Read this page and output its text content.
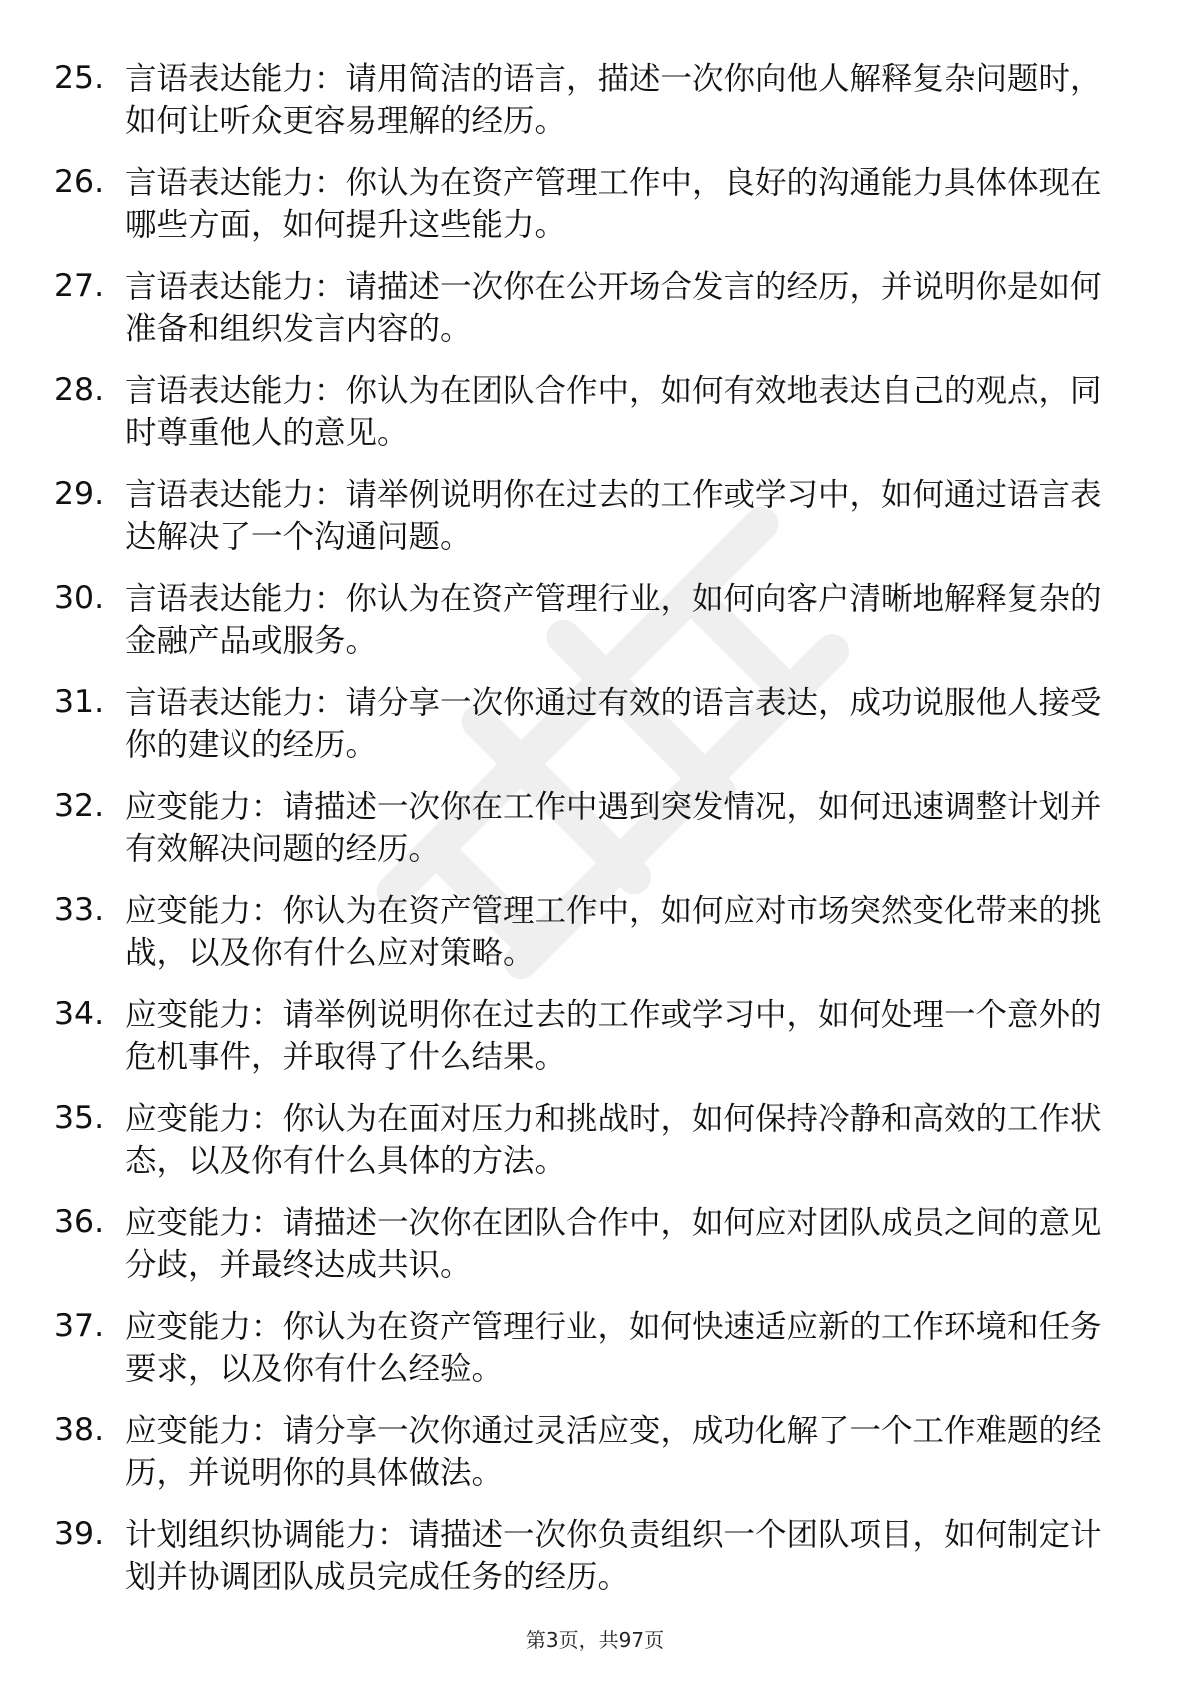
25. 言语表达能力：请用简洁的语言，描述一次你向他人解释复杂问题时，如何让听众更容易理解的经历。
26. 言语表达能力：你认为在资产管理工作中，良好的沟通能力具体体现在哪些方面，如何提升这些能力。
27. 言语表达能力：请描述一次你在公开场合发言的经历，并说明你是如何准备和组织发言内容的。
28. 言语表达能力：你认为在团队合作中，如何有效地表达自己的观点，同时尊重他人的意见。
29. 言语表达能力：请举例说明你在过去的工作或学习中，如何通过语言表达解决了一个沟通问题。
30. 言语表达能力：你认为在资产管理行业，如何向客户清晰地解释复杂的金融产品或服务。
31. 言语表达能力：请分享一次你通过有效的语言表达，成功说服他人接受你的建议的经历。
32. 应变能力：请描述一次你在工作中遇到突发情况，如何迅速调整计划并有效解决问题的经历。
33. 应变能力：你认为在资产管理工作中，如何应对市场突然变化带来的挑战，以及你有什么应对策略。
34. 应变能力：请举例说明你在过去的工作或学习中，如何处理一个意外的危机事件，并取得了什么结果。
35. 应变能力：你认为在面对压力和挑战时，如何保持冷静和高效的工作状态，以及你有什么具体的方法。
36. 应变能力：请描述一次你在团队合作中，如何应对团队成员之间的意见分歧，并最终达成共识。
37. 应变能力：你认为在资产管理行业，如何快速适应新的工作环境和任务要求，以及你有什么经验。
38. 应变能力：请分享一次你通过灵活应变，成功化解了一个工作难题的经历，并说明你的具体做法。
39. 计划组织协调能力：请描述一次你负责组织一个团队项目，如何制定计划并协调团队成员完成任务的经历。
第3页，共97页
